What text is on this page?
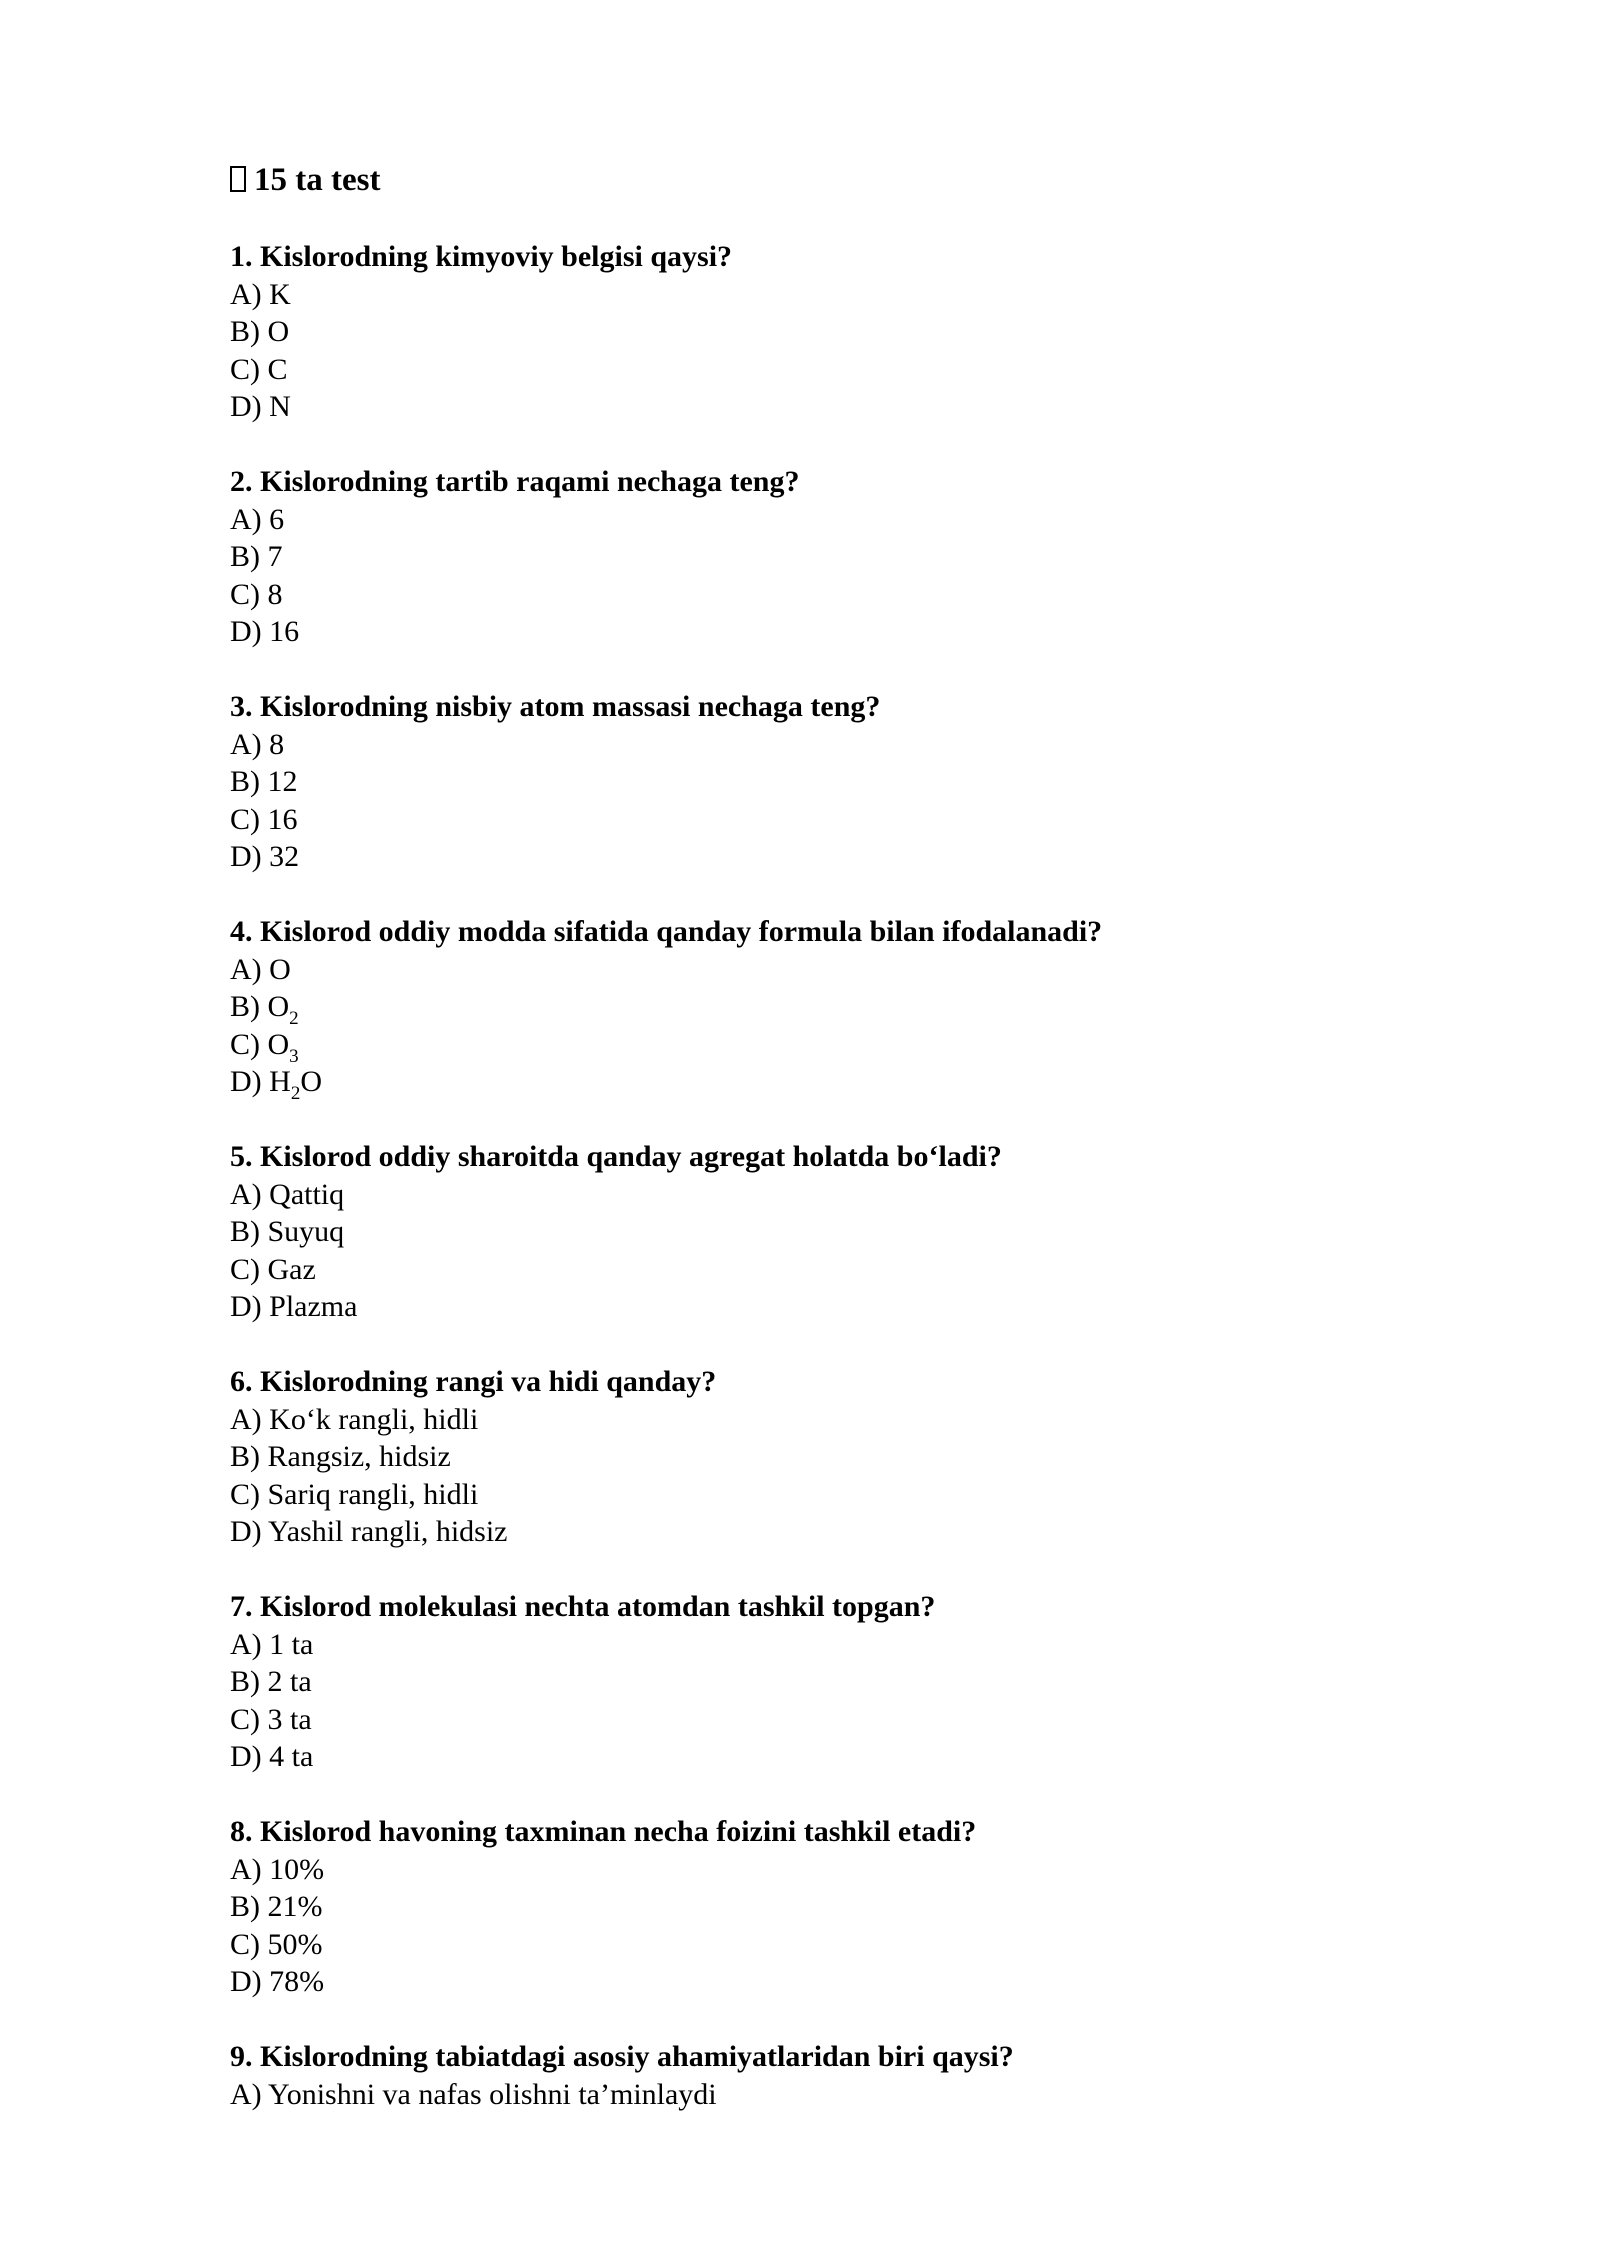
15 ta test
1. Kislorodning kimyoviy belgisi qaysi?
A) K
B) O
C) C
D) N
2. Kislorodning tartib raqami nechaga teng?
A) 6
B) 7
C) 8
D) 16
3. Kislorodning nisbiy atom massasi nechaga teng?
A) 8
B) 12
C) 16
D) 32
4. Kislorod oddiy modda sifatida qanday formula bilan ifodalanadi?
A) O
B) $O_2$
C) $O_3$
D) $H_2O$
5. Kislorod oddiy sharoitda qanday agregat holatda bo‘ladi?
A) Qattiq
B) Suyuq
C) Gaz
D) Plazma
6. Kislorodning rangi va hidi qanday?
A) Ko‘k rangli, hidli
B) Rangsiz, hidsiz
C) Sariq rangli, hidli
D) Yashil rangli, hidsiz
7. Kislorod molekulasi nechta atomdan tashkil topgan?
A) 1 ta
B) 2 ta
C) 3 ta
D) 4 ta
8. Kislorod havoning taxminan necha foizini tashkil etadi?
A) 10%
B) 21%
C) 50%
D) 78%
9. Kislorodning tabiatdagi asosiy ahamiyatlaridan biri qaysi?
A) Yonishni va nafas olishni ta’minlaydi
